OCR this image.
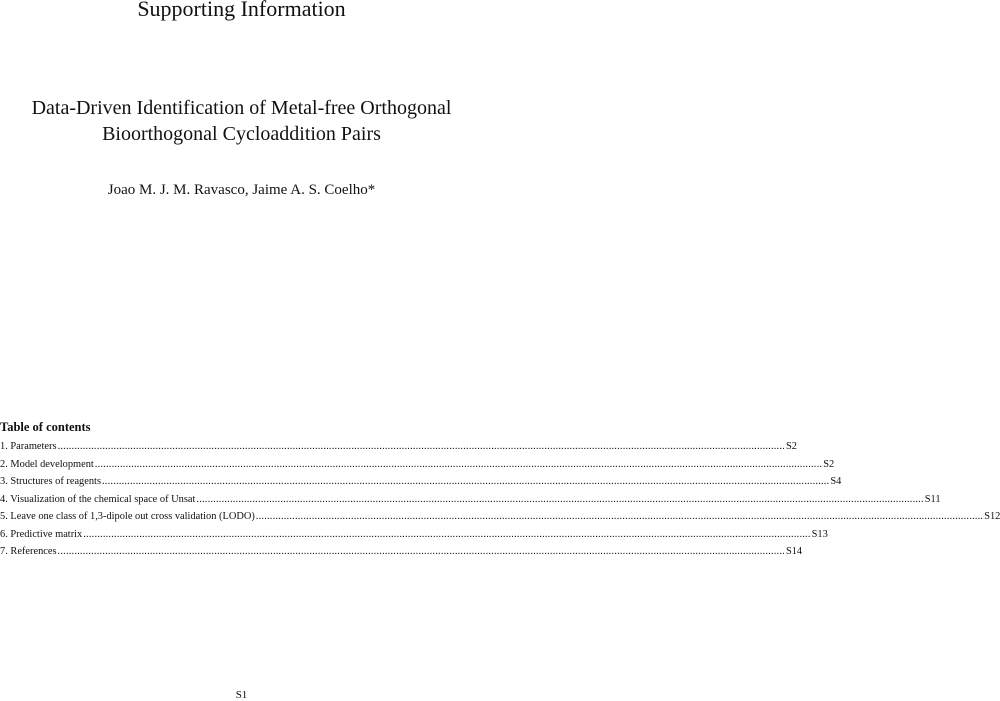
Supporting Information
Data-Driven Identification of Metal-free Orthogonal
Bioorthogonal Cycloaddition Pairs
Joao M. J. M. Ravasco, Jaime A. S. Coelho*
Table of contents
1. Parameters .................................................................................................................................................................................................................................................................... S2
2. Model development .................................................................................................................................................................................................................................................................... S2
3. Structures of reagents .................................................................................................................................................................................................................................................................... S4
4. Visualization of the chemical space of Unsat .................................................................................................................................................................................................................................................................... S11
5. Leave one class of 1,3-dipole out cross validation (LODO) .................................................................................................................................................................................................................................................................... S12
6. Predictive matrix .................................................................................................................................................................................................................................................................... S13
7. References .................................................................................................................................................................................................................................................................... S14
S1
